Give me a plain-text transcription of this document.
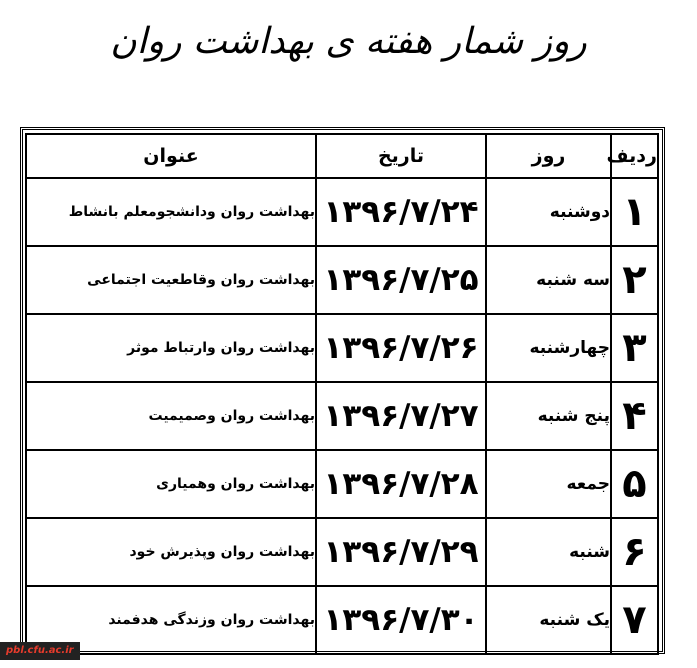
روز شمار هفته ی بهداشت روان
ردیف	روز	تاریخ	عنوان
۱	دوشنبه	۱۳۹۶/۷/۲۴	بهداشت روان ودانشجومعلم بانشاط
۲	سه شنبه	۱۳۹۶/۷/۲۵	بهداشت روان وقاطعیت اجتماعی
۳	چهارشنبه	۱۳۹۶/۷/۲۶	بهداشت روان وارتباط موثر
۴	پنج شنبه	۱۳۹۶/۷/۲۷	بهداشت روان وصمیمیت
۵	جمعه	۱۳۹۶/۷/۲۸	بهداشت روان وهمیاری
۶	شنبه	۱۳۹۶/۷/۲۹	بهداشت روان وپذیرش خود
۷	یک شنبه	۱۳۹۶/۷/۳۰	بهداشت روان وزندگی هدفمند
pbl.cfu.ac.ir
